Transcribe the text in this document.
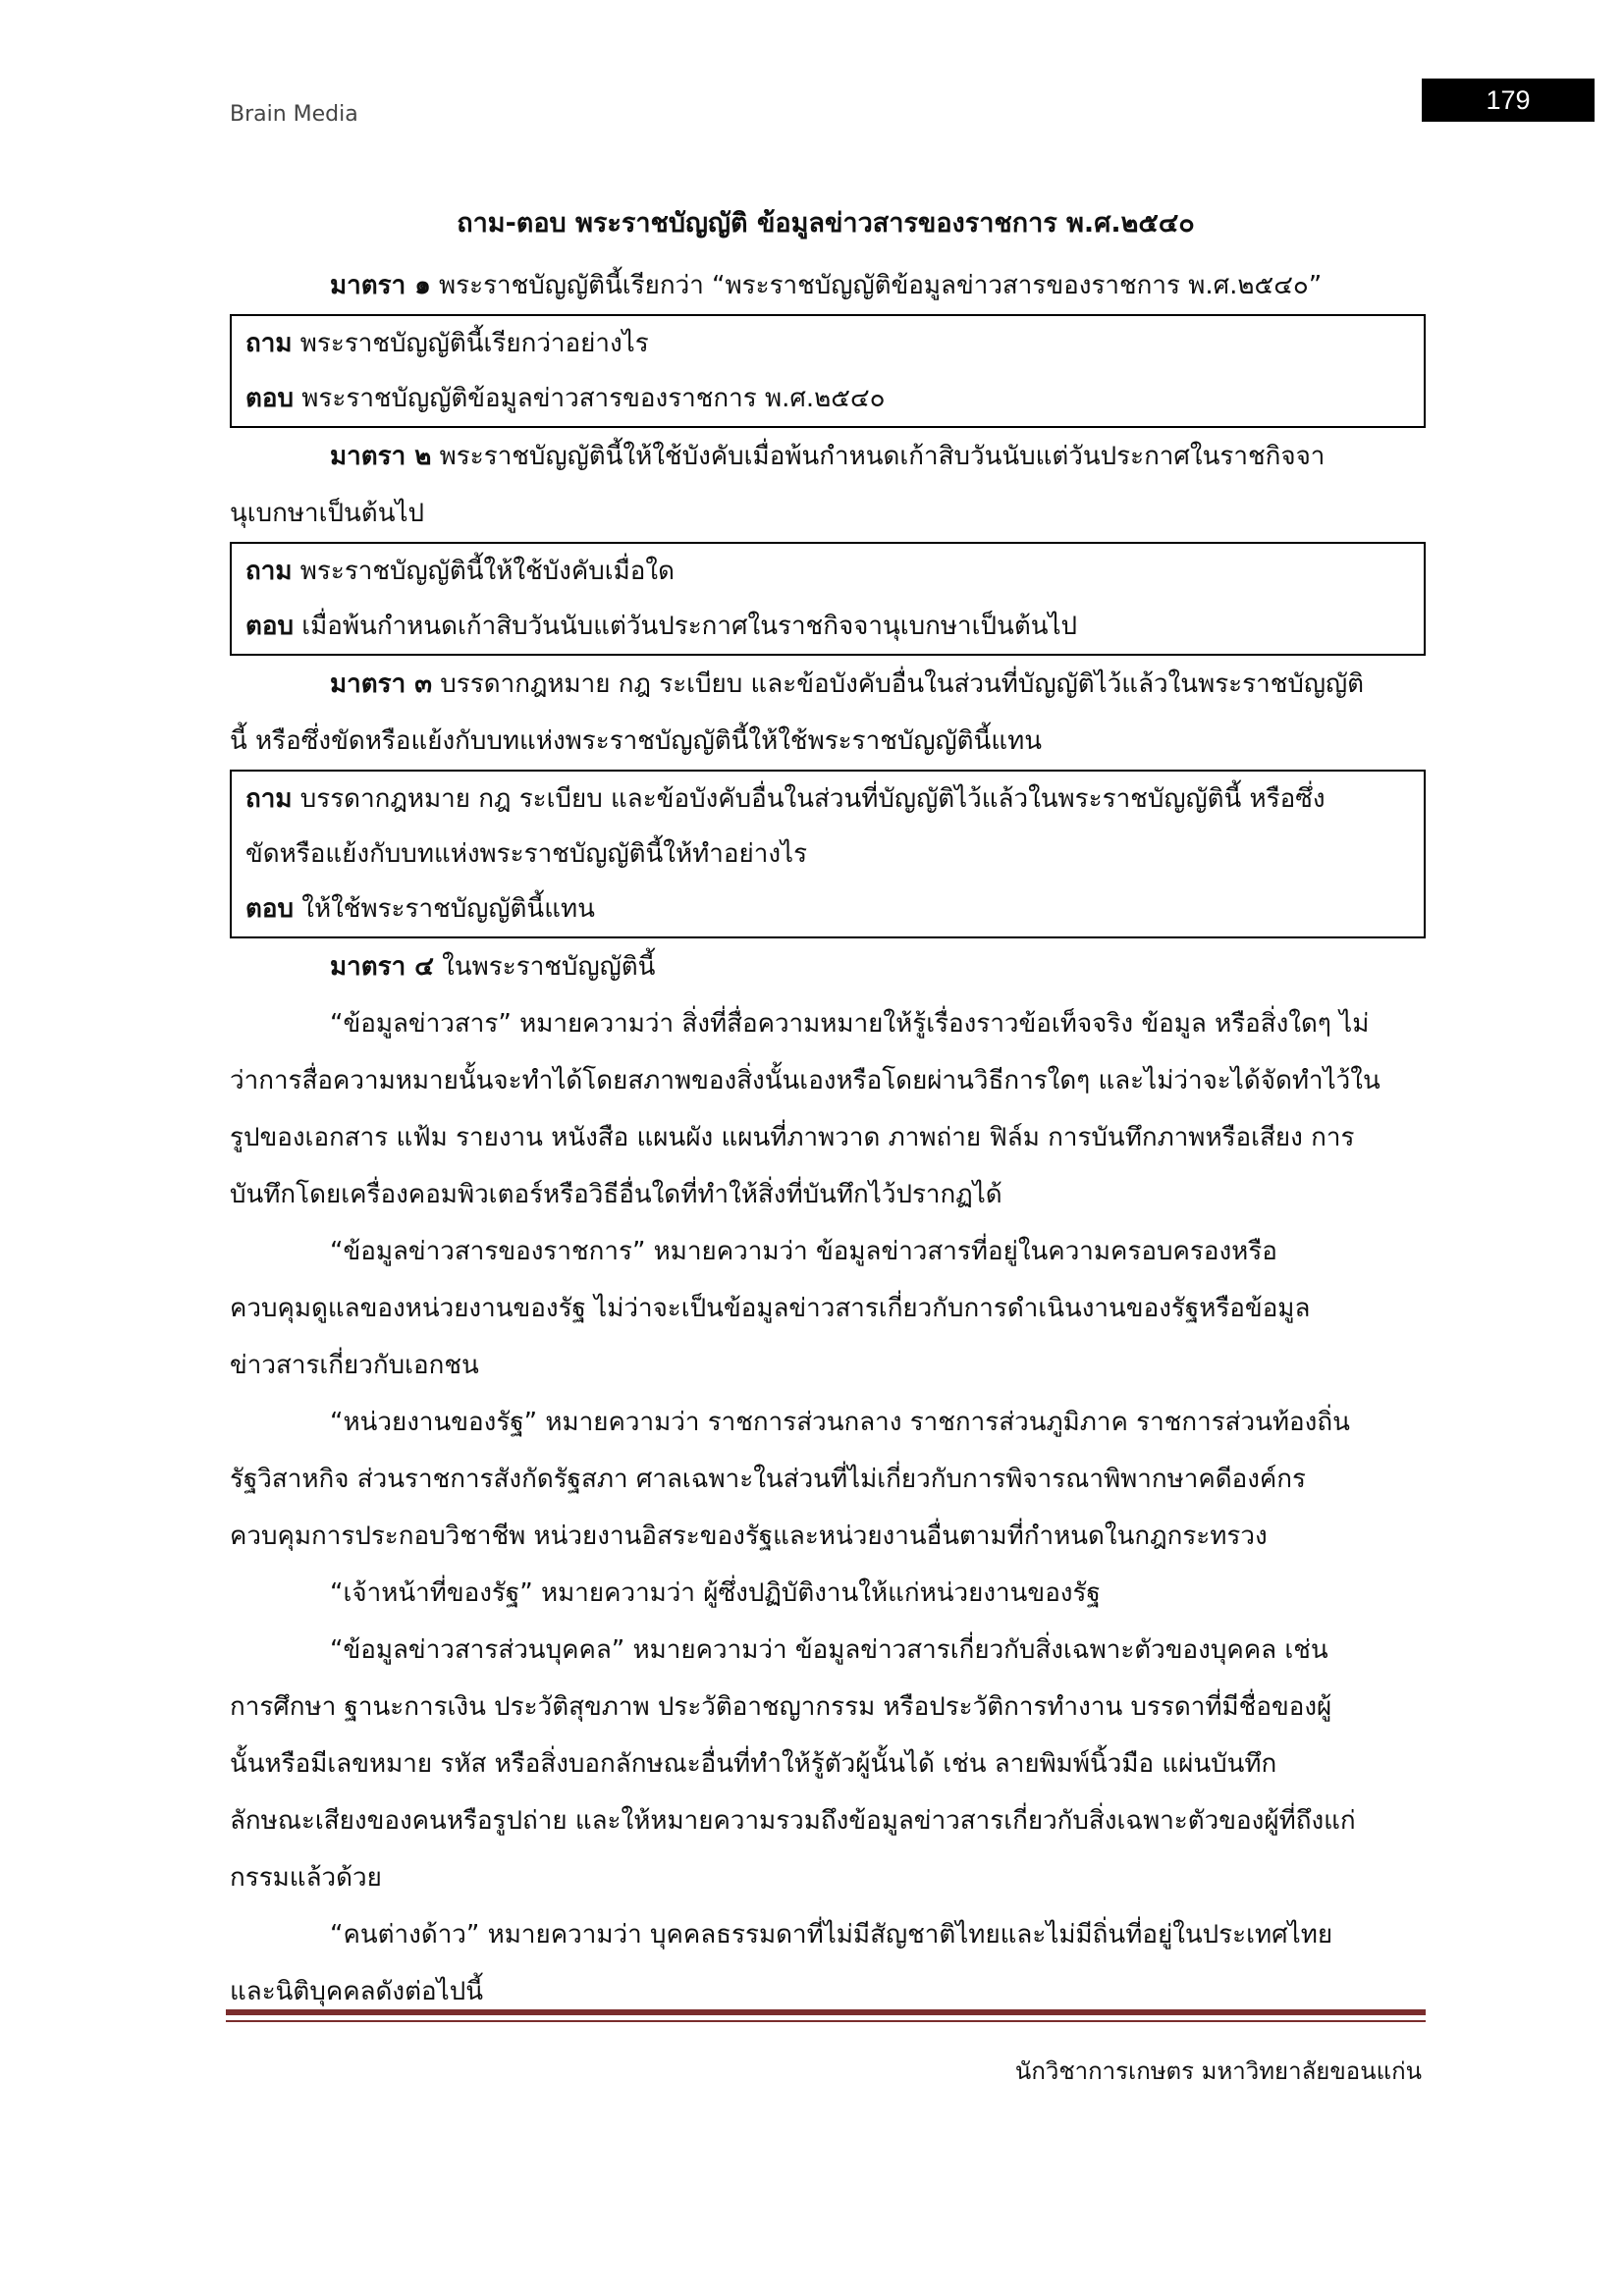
Brain Media	179
ถาม-ตอบ พระราชบัญญัติ ข้อมูลข่าวสารของราชการ พ.ศ.๒๕๔๐
มาตรา ๑ พระราชบัญญัตินี้เรียกว่า “พระราชบัญญัติข้อมูลข่าวสารของราชการ พ.ศ.๒๕๔๐”
ถาม พระราชบัญญัตินี้เรียกว่าอย่างไร
ตอบ พระราชบัญญัติข้อมูลข่าวสารของราชการ พ.ศ.๒๕๔๐
มาตรา ๒ พระราชบัญญัตินี้ให้ใช้บังคับเมื่อพ้นกำหนดเก้าสิบวันนับแต่วันประกาศในราชกิจจา
นุเบกษาเป็นต้นไป
ถาม พระราชบัญญัตินี้ให้ใช้บังคับเมื่อใด
ตอบ เมื่อพ้นกำหนดเก้าสิบวันนับแต่วันประกาศในราชกิจจานุเบกษาเป็นต้นไป
มาตรา ๓ บรรดากฎหมาย กฎ ระเบียบ และข้อบังคับอื่นในส่วนที่บัญญัติไว้แล้วในพระราชบัญญัติ
นี้ หรือซึ่งขัดหรือแย้งกับบทแห่งพระราชบัญญัตินี้ให้ใช้พระราชบัญญัตินี้แทน
ถาม บรรดากฎหมาย กฎ ระเบียบ และข้อบังคับอื่นในส่วนที่บัญญัติไว้แล้วในพระราชบัญญัตินี้ หรือซึ่ง
ขัดหรือแย้งกับบทแห่งพระราชบัญญัตินี้ให้ทำอย่างไร
ตอบ ให้ใช้พระราชบัญญัตินี้แทน
มาตรา ๔ ในพระราชบัญญัตินี้
“ข้อมูลข่าวสาร” หมายความว่า สิ่งที่สื่อความหมายให้รู้เรื่องราวข้อเท็จจริง ข้อมูล หรือสิ่งใดๆ ไม่
ว่าการสื่อความหมายนั้นจะทำได้โดยสภาพของสิ่งนั้นเองหรือโดยผ่านวิธีการใดๆ และไม่ว่าจะได้จัดทำไว้ใน
รูปของเอกสาร แฟ้ม รายงาน หนังสือ แผนผัง แผนที่ภาพวาด ภาพถ่าย ฟิล์ม การบันทึกภาพหรือเสียง การ
บันทึกโดยเครื่องคอมพิวเตอร์หรือวิธีอื่นใดที่ทำให้สิ่งที่บันทึกไว้ปรากฏได้
“ข้อมูลข่าวสารของราชการ” หมายความว่า ข้อมูลข่าวสารที่อยู่ในความครอบครองหรือ
ควบคุมดูแลของหน่วยงานของรัฐ ไม่ว่าจะเป็นข้อมูลข่าวสารเกี่ยวกับการดำเนินงานของรัฐหรือข้อมูล
ข่าวสารเกี่ยวกับเอกชน
“หน่วยงานของรัฐ” หมายความว่า ราชการส่วนกลาง ราชการส่วนภูมิภาค ราชการส่วนท้องถิ่น
รัฐวิสาหกิจ ส่วนราชการสังกัดรัฐสภา ศาลเฉพาะในส่วนที่ไม่เกี่ยวกับการพิจารณาพิพากษาคดีองค์กร
ควบคุมการประกอบวิชาชีพ หน่วยงานอิสระของรัฐและหน่วยงานอื่นตามที่กำหนดในกฎกระทรวง
“เจ้าหน้าที่ของรัฐ” หมายความว่า ผู้ซึ่งปฏิบัติงานให้แก่หน่วยงานของรัฐ
“ข้อมูลข่าวสารส่วนบุคคล” หมายความว่า ข้อมูลข่าวสารเกี่ยวกับสิ่งเฉพาะตัวของบุคคล เช่น
การศึกษา ฐานะการเงิน ประวัติสุขภาพ ประวัติอาชญากรรม หรือประวัติการทำงาน บรรดาที่มีชื่อของผู้
นั้นหรือมีเลขหมาย รหัส หรือสิ่งบอกลักษณะอื่นที่ทำให้รู้ตัวผู้นั้นได้ เช่น ลายพิมพ์นิ้วมือ แผ่นบันทึก
ลักษณะเสียงของคนหรือรูปถ่าย และให้หมายความรวมถึงข้อมูลข่าวสารเกี่ยวกับสิ่งเฉพาะตัวของผู้ที่ถึงแก่
กรรมแล้วด้วย
“คนต่างด้าว” หมายความว่า บุคคลธรรมดาที่ไม่มีสัญชาติไทยและไม่มีถิ่นที่อยู่ในประเทศไทย
และนิติบุคคลดังต่อไปนี้
นักวิชาการเกษตร มหาวิทยาลัยขอนแก่น
